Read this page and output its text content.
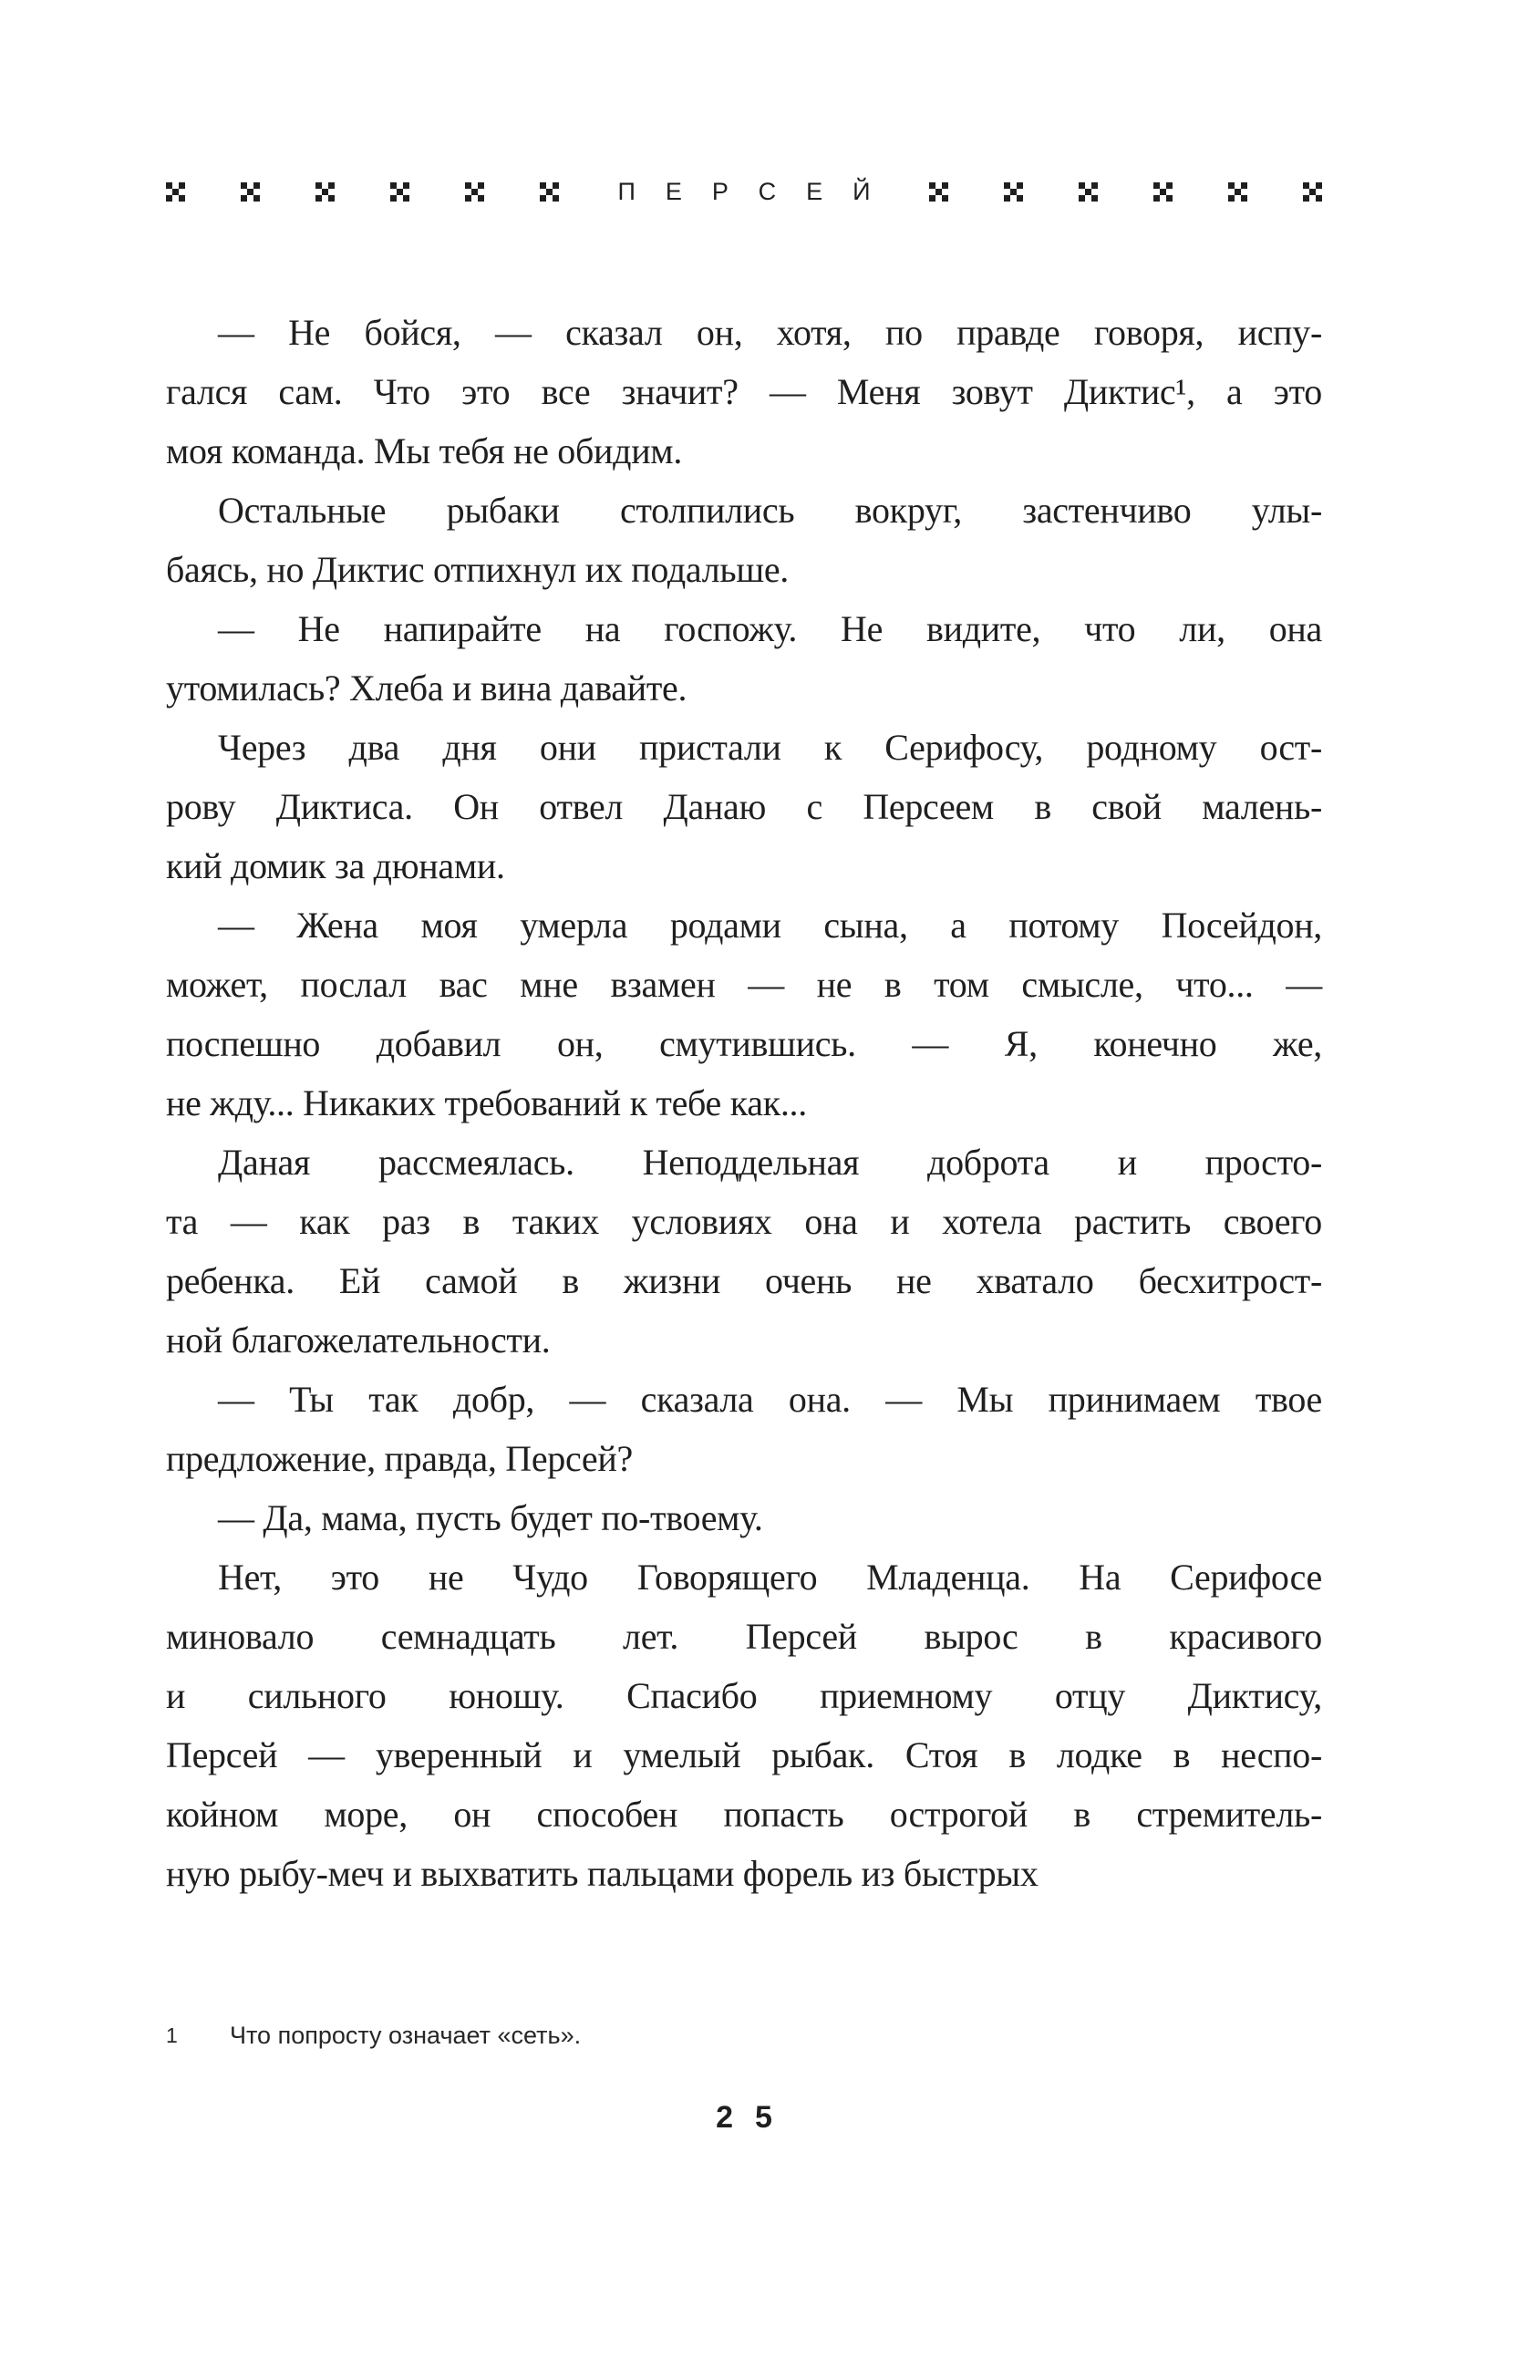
ПЕРСЕЙ
— Не бойся, — сказал он, хотя, по правде говоря, испу-
гался сам. Что это все значит? — Меня зовут Диктис¹, а это
моя команда. Мы тебя не обидим.
Остальные рыбаки столпились вокруг, застенчиво улы-
баясь, но Диктис отпихнул их подальше.
— Не напирайте на госпожу. Не видите, что ли, она
утомилась? Хлеба и вина давайте.
Через два дня они пристали к Серифосу, родному ост-
рову Диктиса. Он отвел Данаю с Персеем в свой малень-
кий домик за дюнами.
— Жена моя умерла родами сына, а потому Посейдон,
может, послал вас мне взамен — не в том смысле, что... —
поспешно добавил он, смутившись. — Я, конечно же,
не жду... Никаких требований к тебе как...
Даная рассмеялась. Неподдельная доброта и просто-
та — как раз в таких условиях она и хотела растить своего
ребенка. Ей самой в жизни очень не хватало бесхитрост-
ной благожелательности.
— Ты так добр, — сказала она. — Мы принимаем твое
предложение, правда, Персей?
— Да, мама, пусть будет по-твоему.
Нет, это не Чудо Говорящего Младенца. На Серифосе
миновало семнадцать лет. Персей вырос в красивого
и сильного юношу. Спасибо приемному отцу Диктису,
Персей — уверенный и умелый рыбак. Стоя в лодке в неспо-
койном море, он способен попасть острогой в стремитель-
ную рыбу-меч и выхватить пальцами форель из быстрых
1	Что попросту означает «сеть».
25
